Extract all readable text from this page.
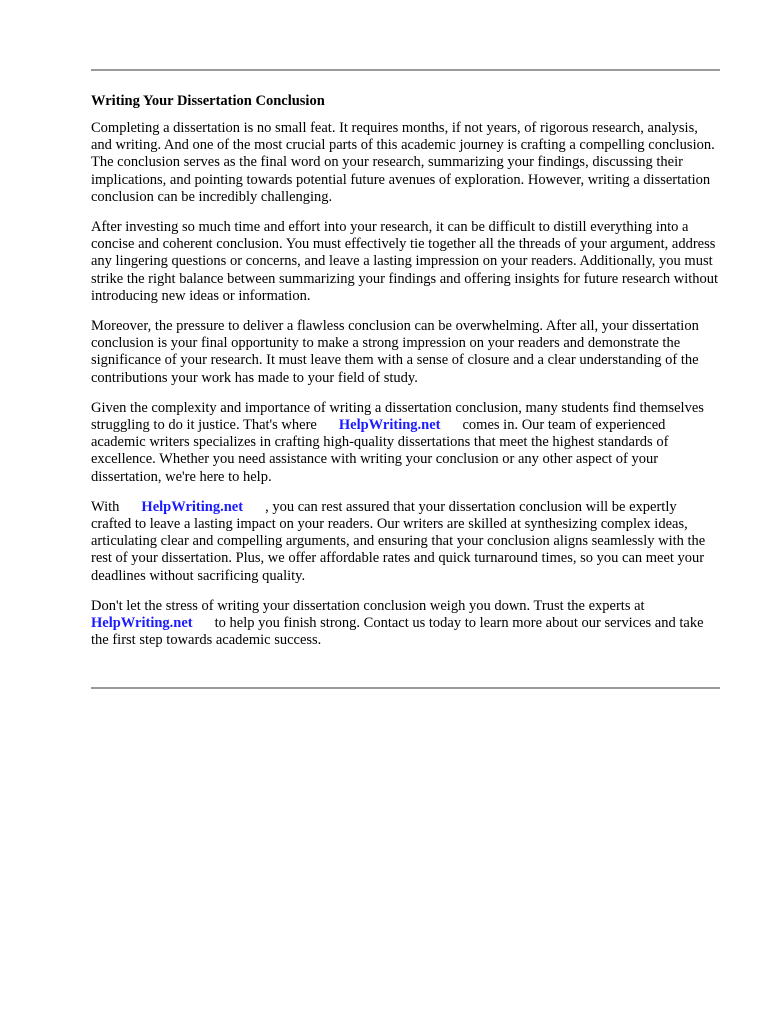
Writing Your Dissertation Conclusion

Completing a dissertation is no small feat. It requires months, if not years, of rigorous research, analysis, and writing. And one of the most crucial parts of this academic journey is crafting a compelling conclusion. The conclusion serves as the final word on your research, summarizing your findings, discussing their implications, and pointing towards potential future avenues of exploration. However, writing a dissertation conclusion can be incredibly challenging.

After investing so much time and effort into your research, it can be difficult to distill everything into a concise and coherent conclusion. You must effectively tie together all the threads of your argument, address any lingering questions or concerns, and leave a lasting impression on your readers. Additionally, you must strike the right balance between summarizing your findings and offering insights for future research without introducing new ideas or information.

Moreover, the pressure to deliver a flawless conclusion can be overwhelming. After all, your dissertation conclusion is your final opportunity to make a strong impression on your readers and demonstrate the significance of your research. It must leave them with a sense of closure and a clear understanding of the contributions your work has made to your field of study.

Given the complexity and importance of writing a dissertation conclusion, many students find themselves struggling to do it justice. That's where HelpWriting.net comes in. Our team of experienced academic writers specializes in crafting high-quality dissertations that meet the highest standards of excellence. Whether you need assistance with writing your conclusion or any other aspect of your dissertation, we're here to help.

With HelpWriting.net , you can rest assured that your dissertation conclusion will be expertly crafted to leave a lasting impact on your readers. Our writers are skilled at synthesizing complex ideas, articulating clear and compelling arguments, and ensuring that your conclusion aligns seamlessly with the rest of your dissertation. Plus, we offer affordable rates and quick turnaround times, so you can meet your deadlines without sacrificing quality.

Don't let the stress of writing your dissertation conclusion weigh you down. Trust the experts at HelpWriting.net to help you finish strong. Contact us today to learn more about our services and take the first step towards academic success.
